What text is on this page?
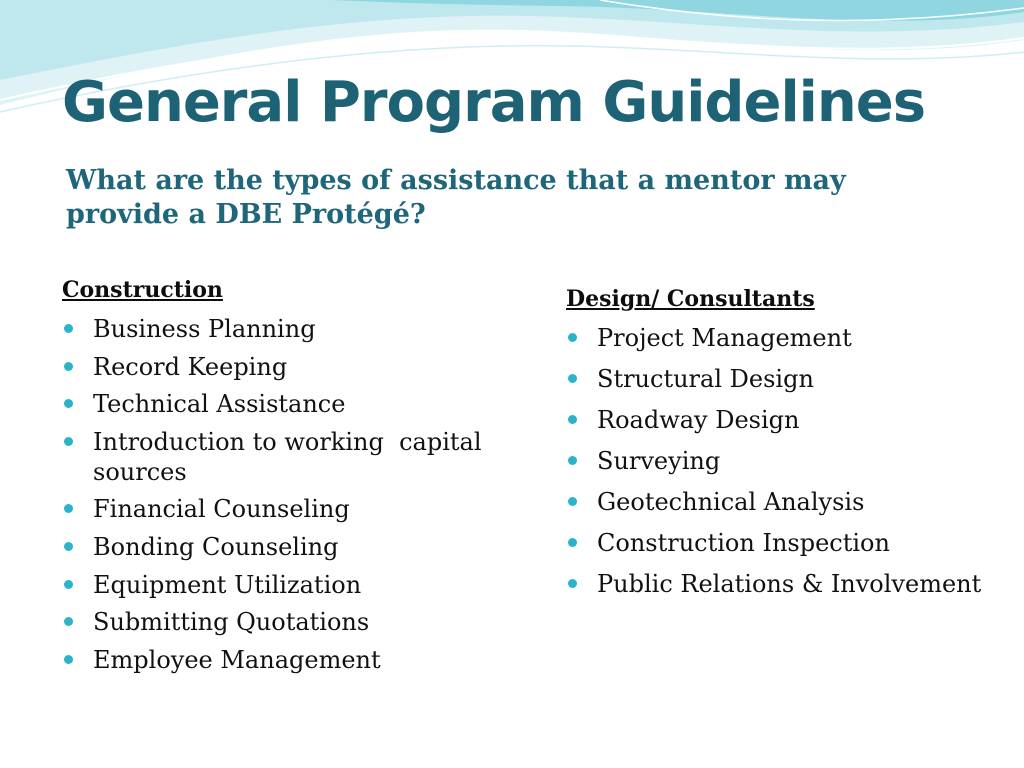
General Program Guidelines

What are the types of assistance that a mentor may provide a DBE Protégé?

Construction

Business Planning
Record Keeping
Technical Assistance
Introduction to working  capital sources
Financial Counseling
Bonding Counseling
Equipment Utilization
Submitting Quotations
Employee Management

Design/ Consultants

Project Management
Structural Design
Roadway Design
Surveying
Geotechnical Analysis
Construction Inspection
Public Relations & Involvement
